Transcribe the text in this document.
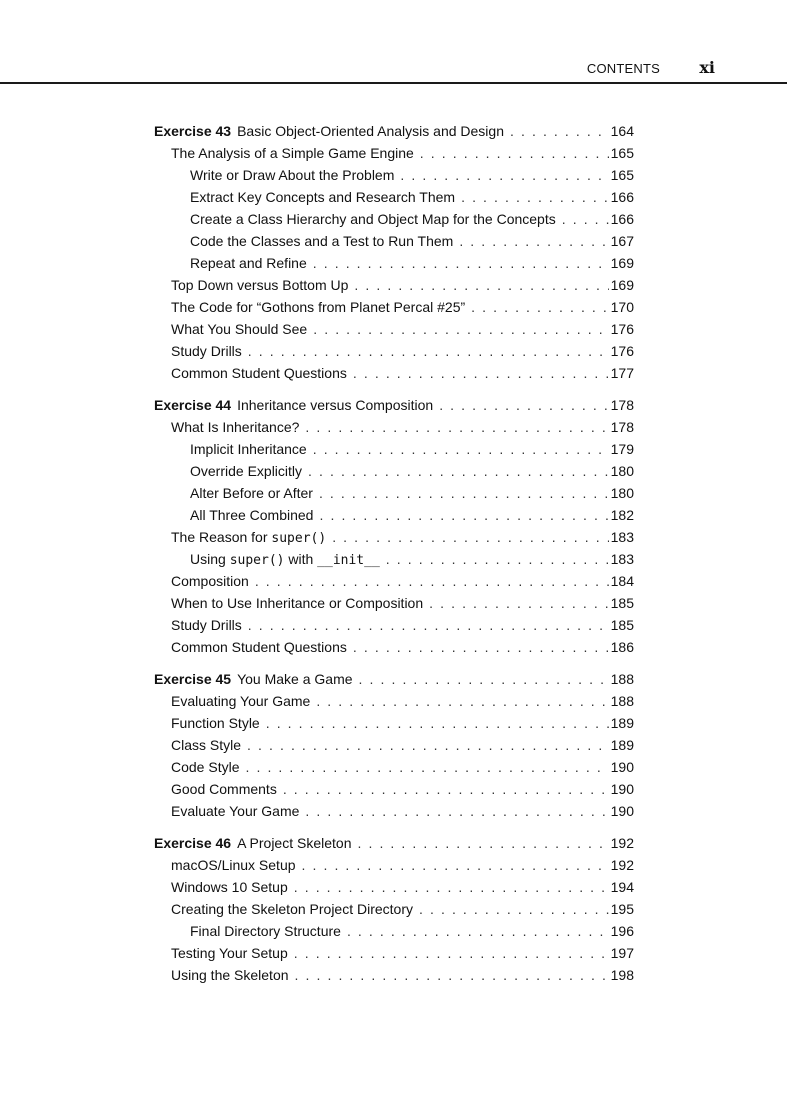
CONTENTS xi
Exercise 43 Basic Object-Oriented Analysis and Design . . .	164
The Analysis of a Simple Game Engine . . .	165
Write or Draw About the Problem . . .	165
Extract Key Concepts and Research Them . . .	166
Create a Class Hierarchy and Object Map for the Concepts . . .	166
Code the Classes and a Test to Run Them . . .	167
Repeat and Refine . . .	169
Top Down versus Bottom Up . . .	169
The Code for “Gothons from Planet Percal #25” . . .	170
What You Should See . . .	176
Study Drills . . .	176
Common Student Questions . . .	177
Exercise 44 Inheritance versus Composition . . .	178
What Is Inheritance? . . .	178
Implicit Inheritance . . .	179
Override Explicitly . . .	180
Alter Before or After . . .	180
All Three Combined . . .	182
The Reason for super() . . .	183
Using super() with __init__ . . .	183
Composition . . .	184
When to Use Inheritance or Composition . . .	185
Study Drills . . .	185
Common Student Questions . . .	186
Exercise 45 You Make a Game . . .	188
Evaluating Your Game . . .	188
Function Style . . .	189
Class Style . . .	189
Code Style . . .	190
Good Comments . . .	190
Evaluate Your Game . . .	190
Exercise 46 A Project Skeleton . . .	192
macOS/Linux Setup . . .	192
Windows 10 Setup . . .	194
Creating the Skeleton Project Directory . . .	195
Final Directory Structure . . .	196
Testing Your Setup . . .	197
Using the Skeleton . . .	198
